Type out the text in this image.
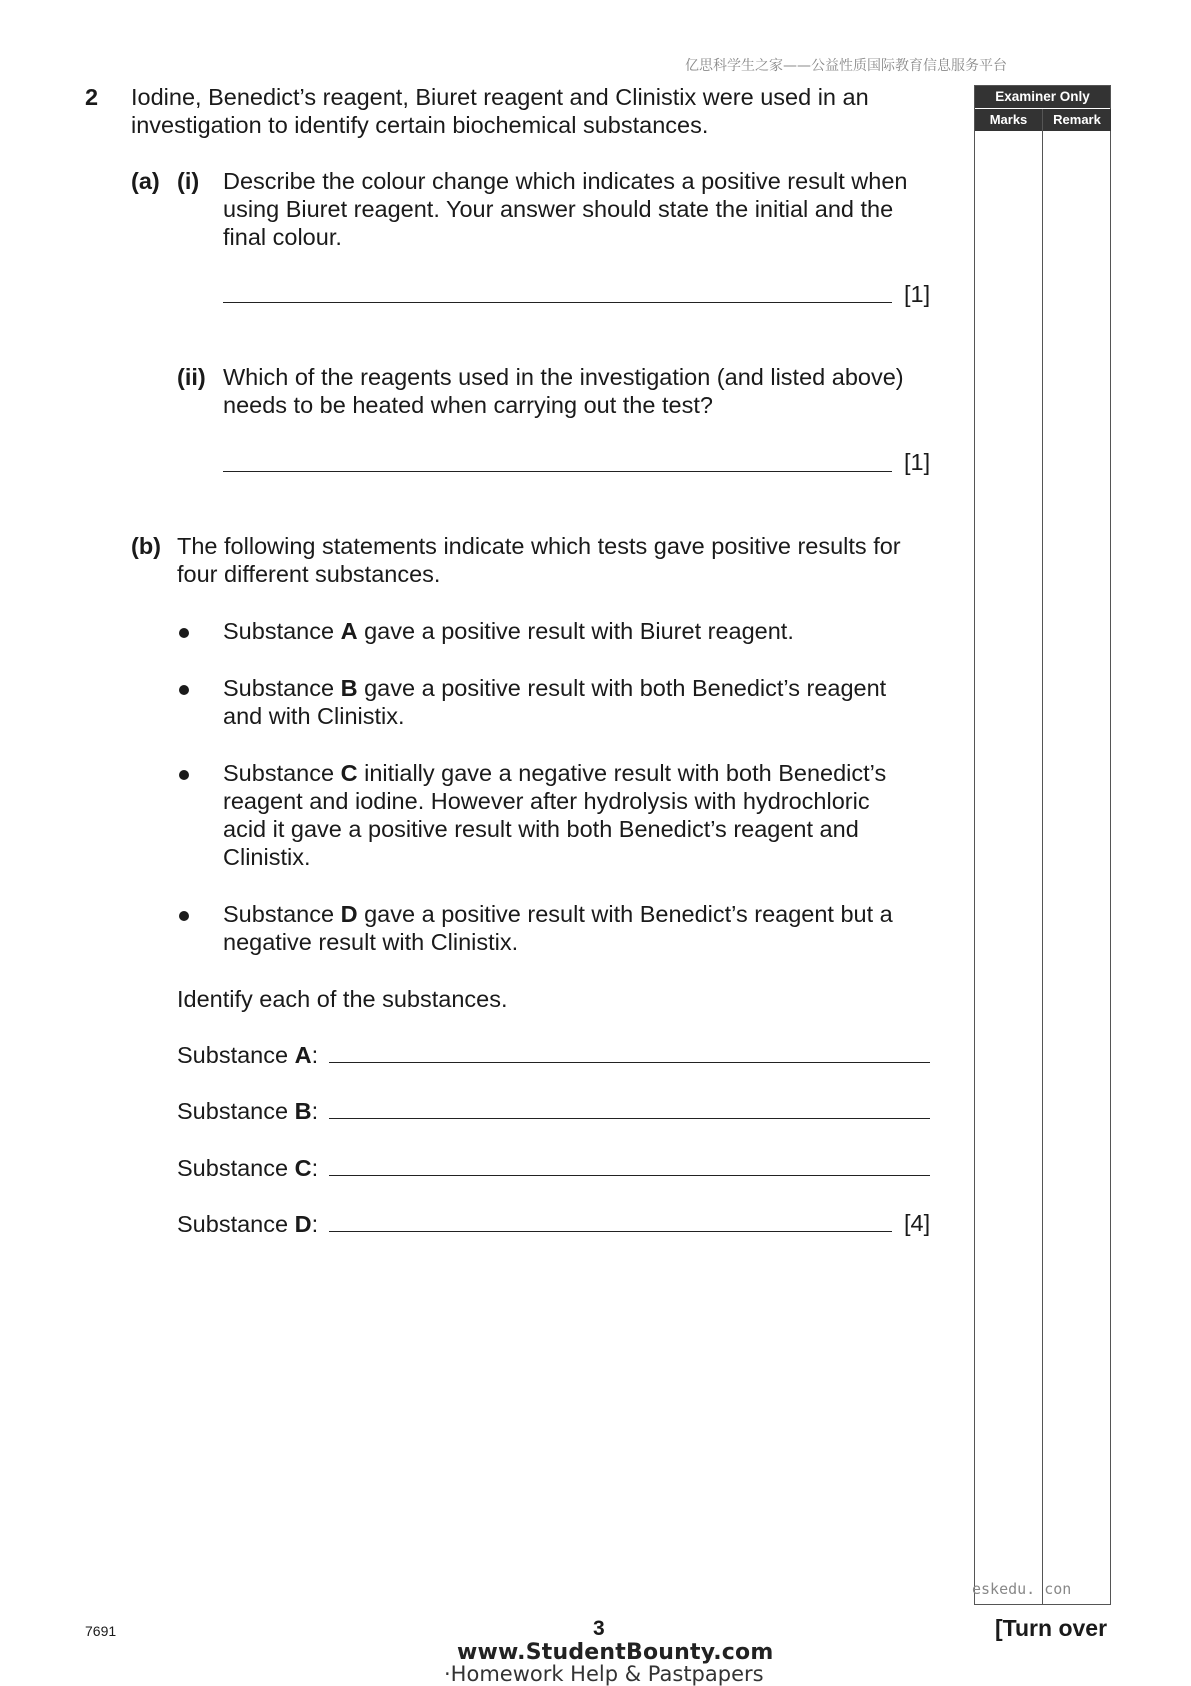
亿思科学生之家——公益性质国际教育信息服务平台
Examiner Only
Marks	Remark
2 Iodine, Benedict’s reagent, Biuret reagent and Clinistix were used in an
investigation to identify certain biochemical substances.
(a) (i) Describe the colour change which indicates a positive result when
using Biuret reagent. Your answer should state the initial and the
final colour.
[1]
(ii) Which of the reagents used in the investigation (and listed above)
needs to be heated when carrying out the test?
[1]
(b) The following statements indicate which tests gave positive results for
four different substances.
Substance A gave a positive result with Biuret reagent.
Substance B gave a positive result with both Benedict’s reagent
and with Clinistix.
Substance C initially gave a negative result with both Benedict’s
reagent and iodine. However after hydrolysis with hydrochloric
acid it gave a positive result with both Benedict’s reagent and
Clinistix.
Substance D gave a positive result with Benedict’s reagent but a
negative result with Clinistix.
Identify each of the substances.
Substance A:
Substance B:
Substance C:
Substance D:	[4]
eskedu. con
7691	3	[Turn over
www.StudentBounty.com
·Homework Help & Pastpapers
